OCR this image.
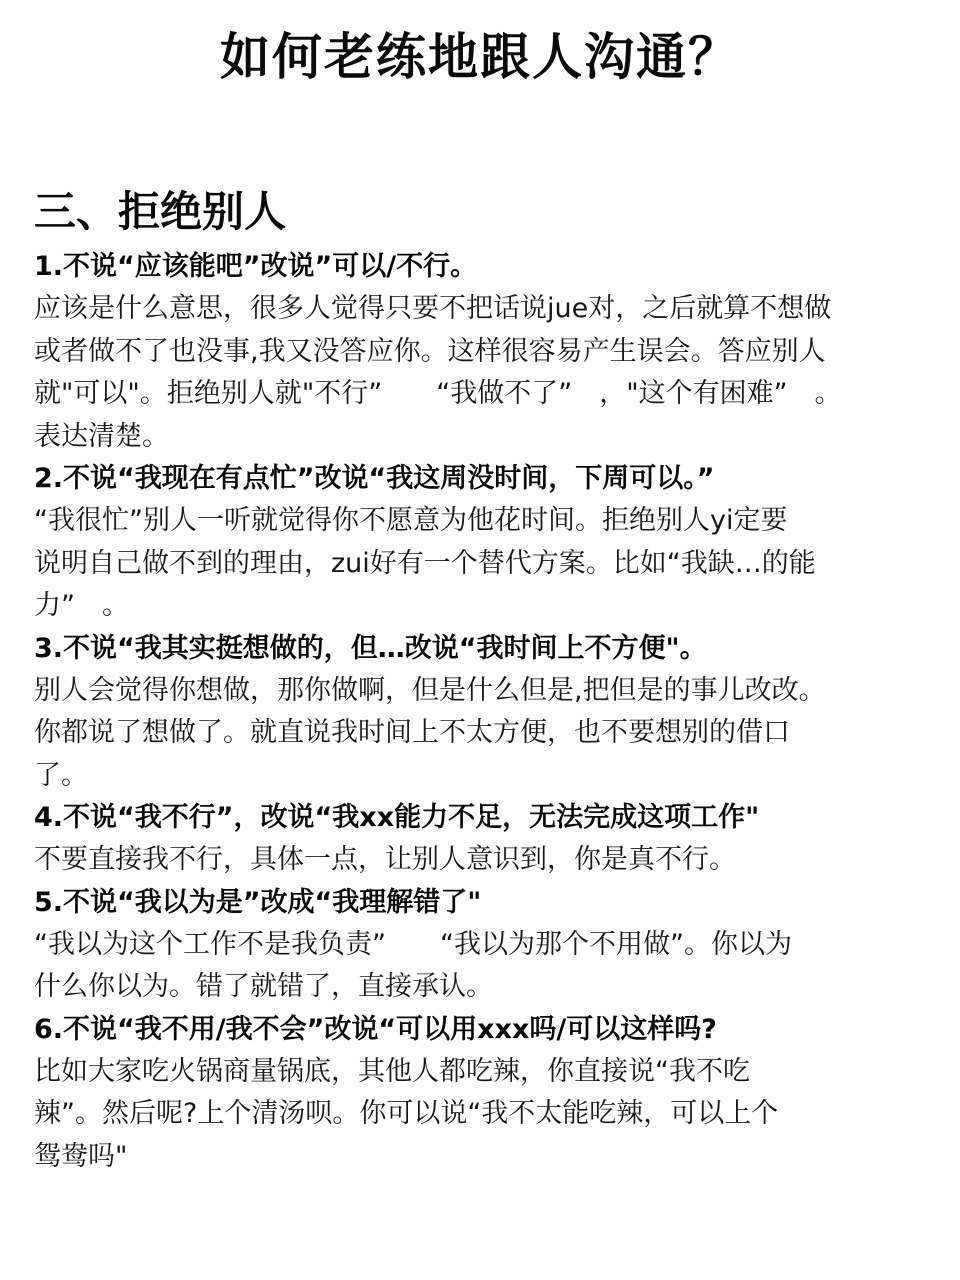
如何老练地跟人沟通？
三、拒绝别人
1.不说“应该能吧”改说”可以/不行。
应该是什么意思，很多人觉得只要不把话说jue对，之后就算不想做
或者做不了也没事,我又没答应你。这样很容易产生误会。答应别人
就"可以"。拒绝别人就"不行”　　“我做不了”　，"这个有困难”　。
表达清楚。
2.不说“我现在有点忙”改说“我这周没时间，下周可以。”
“我很忙”别人一听就觉得你不愿意为他花时间。拒绝别人yi定要
说明自己做不到的理由，zui好有一个替代方案。比如“我缺…的能
力”　。
3.不说“我其实挺想做的，但…改说“我时间上不方便"。
别人会觉得你想做，那你做啊，但是什么但是,把但是的事儿改改。
你都说了想做了。就直说我时间上不太方便，也不要想别的借口
了。
4.不说“我不行”，改说“我xx能力不足，无法完成这项工作"
不要直接我不行，具体一点，让别人意识到，你是真不行。
5.不说“我以为是”改成“我理解错了"
“我以为这个工作不是我负责”　　“我以为那个不用做”。你以为
什么你以为。错了就错了，直接承认。
6.不说“我不用/我不会”改说“可以用xxx吗/可以这样吗?
比如大家吃火锅商量锅底，其他人都吃辣，你直接说“我不吃
辣”。然后呢?上个清汤呗。你可以说“我不太能吃辣，可以上个
鸳鸯吗"
